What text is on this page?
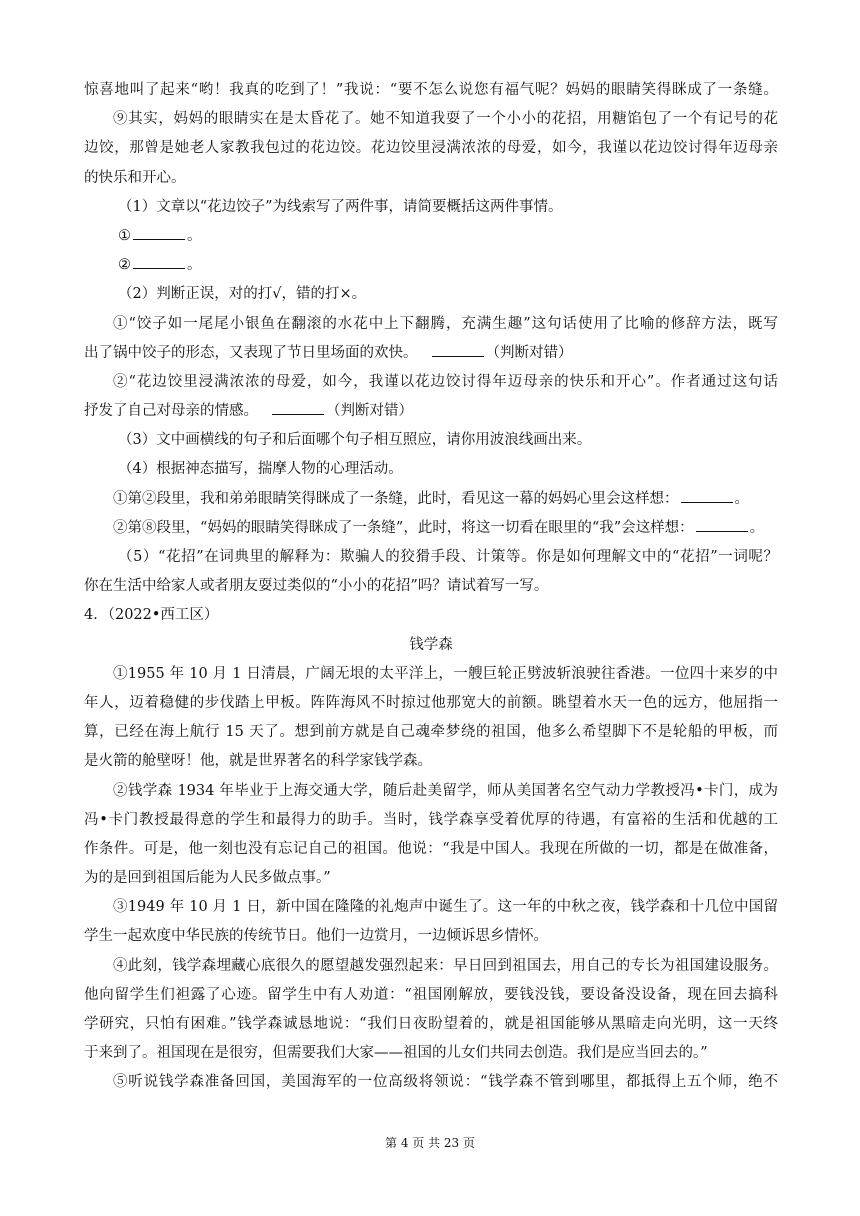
惊喜地叫了起来“哟！我真的吃到了！”我说：“要不怎么说您有福气呢？妈妈的眼睛笑得眯成了一条缝。
⑨其实，妈妈的眼睛实在是太昏花了。她不知道我耍了一个小小的花招，用糖馅包了一个有记号的花
边饺，那曾是她老人家教我包过的花边饺。花边饺里浸满浓浓的母爱，如今，我谨以花边饺讨得年迈母亲
的快乐和开心。
（1）文章以“花边饺子”为线索写了两件事，请简要概括这两件事情。
①	。
②	。
（2）判断正误，对的打√，错的打×。
①“饺子如一尾尾小银鱼在翻滚的水花中上下翻腾，充满生趣”这句话使用了比喻的修辞方法，既写
出了锅中饺子的形态，又表现了节日里场面的欢快。	（判断对错）
②“花边饺里浸满浓浓的母爱，如今，我谨以花边饺讨得年迈母亲的快乐和开心”。作者通过这句话
抒发了自己对母亲的情感。	（判断对错）
（3）文中画横线的句子和后面哪个句子相互照应，请你用波浪线画出来。
（4）根据神态描写，揣摩人物的心理活动。
①第②段里，我和弟弟眼睛笑得眯成了一条缝，此时，看见这一幕的妈妈心里会这样想：	。
②第⑧段里，“妈妈的眼睛笑得眯成了一条缝”，此时，将这一切看在眼里的“我”会这样想：	。
（5）“花招”在词典里的解释为：欺骗人的狡猾手段、计策等。你是如何理解文中的“花招”一词呢？
你在生活中给家人或者朋友耍过类似的“小小的花招”吗？请试着写一写。
4．（2022•西工区）
钱学森
①1955 年 10 月 1 日清晨，广阔无垠的太平洋上，一艘巨轮正劈波斩浪驶往香港。一位四十来岁的中
年人，迈着稳健的步伐踏上甲板。阵阵海风不时掠过他那宽大的前额。眺望着水天一色的远方，他屈指一
算，已经在海上航行 15 天了。想到前方就是自己魂牵梦绕的祖国，他多么希望脚下不是轮船的甲板，而
是火箭的舱壁呀！他，就是世界著名的科学家钱学森。
②钱学森 1934 年毕业于上海交通大学，随后赴美留学，师从美国著名空气动力学教授冯•卡门，成为
冯•卡门教授最得意的学生和最得力的助手。当时，钱学森享受着优厚的待遇，有富裕的生活和优越的工
作条件。可是，他一刻也没有忘记自己的祖国。他说：“我是中国人。我现在所做的一切，都是在做准备，
为的是回到祖国后能为人民多做点事。”
③1949 年 10 月 1 日，新中国在隆隆的礼炮声中诞生了。这一年的中秋之夜，钱学森和十几位中国留
学生一起欢度中华民族的传统节日。他们一边赏月，一边倾诉思乡情怀。
④此刻，钱学森埋藏心底很久的愿望越发强烈起来：早日回到祖国去，用自己的专长为祖国建设服务。
他向留学生们袒露了心迹。留学生中有人劝道：“祖国刚解放，要钱没钱，要设备没设备，现在回去搞科
学研究，只怕有困难。”钱学森诚恳地说：“我们日夜盼望着的，就是祖国能够从黑暗走向光明，这一天终
于来到了。祖国现在是很穷，但需要我们大家——祖国的儿女们共同去创造。我们是应当回去的。”
⑤听说钱学森准备回国，美国海军的一位高级将领说：“钱学森不管到哪里，都抵得上五个师，绝不
第 4 页 共 23 页
